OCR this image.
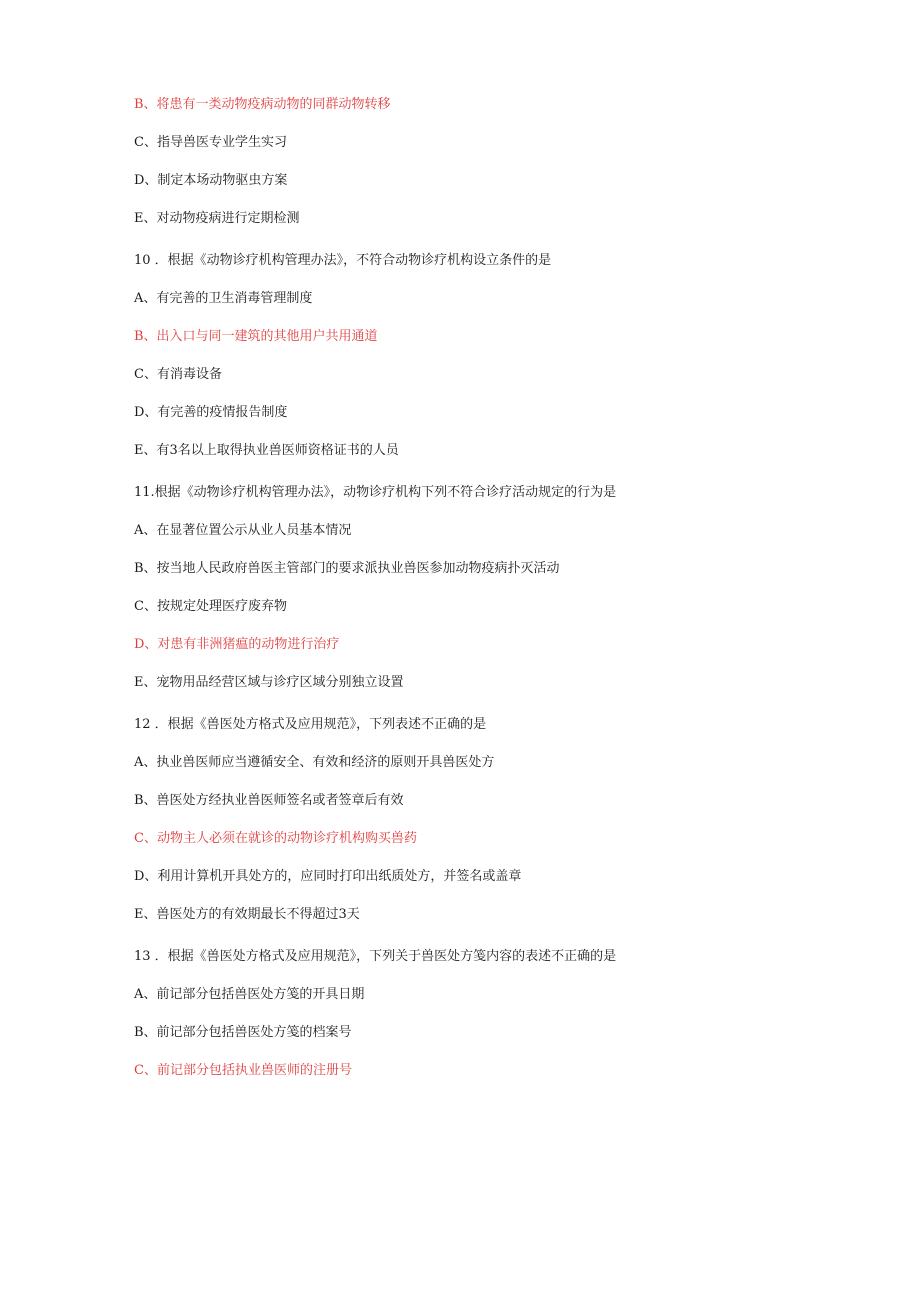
B、将患有一类动物疫病动物的同群动物转移
C、指导兽医专业学生实习
D、制定本场动物驱虫方案
E、对动物疫病进行定期检测
10 ．根据《动物诊疗机构管理办法》，不符合动物诊疗机构设立条件的是
A、有完善的卫生消毒管理制度
B、出入口与同一建筑的其他用户共用通道
C、有消毒设备
D、有完善的疫情报告制度
E、有3名以上取得执业兽医师资格证书的人员
11.根据《动物诊疗机构管理办法》，动物诊疗机构下列不符合诊疗活动规定的行为是
A、在显著位置公示从业人员基本情况
B、按当地人民政府兽医主管部门的要求派执业兽医参加动物疫病扑灭活动
C、按规定处理医疗废弃物
D、对患有非洲猪瘟的动物进行治疗
E、宠物用品经营区域与诊疗区域分别独立设置
12 ．根据《兽医处方格式及应用规范》，下列表述不正确的是
A、执业兽医师应当遵循安全、有效和经济的原则开具兽医处方
B、兽医处方经执业兽医师签名或者签章后有效
C、动物主人必须在就诊的动物诊疗机构购买兽药
D、利用计算机开具处方的，应同时打印出纸质处方，并签名或盖章
E、兽医处方的有效期最长不得超过3天
13 ．根据《兽医处方格式及应用规范》，下列关于兽医处方笺内容的表述不正确的是
A、前记部分包括兽医处方笺的开具日期
B、前记部分包括兽医处方笺的档案号
C、前记部分包括执业兽医师的注册号
